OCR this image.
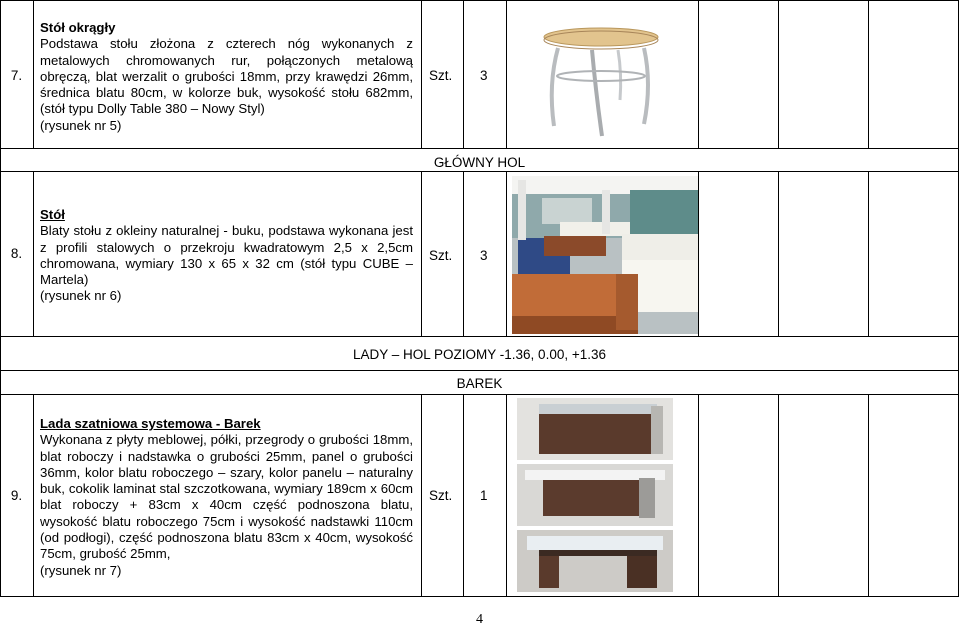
7.
Stół okrągły

Podstawa stołu złożona z czterech nóg wykonanych z metalowych chromowanych rur, połączonych metalową obręczą, blat werzalit o grubości 18mm, przy krawędzi 26mm, średnica blatu 80cm, w kolorze buk, wysokość stołu 682mm, (stół typu Dolly Table 380 – Nowy Styl)

(rysunek nr 5)

Szt. 3
GŁÓWNY HOL
8.
Stół

Blaty stołu z okleiny naturalnej - buku, podstawa wykonana jest z profili stalowych o przekroju kwadratowym 2,5 x 2,5cm chromowana, wymiary 130 x 65 x 32 cm (stół typu CUBE – Martela)

(rysunek nr 6)

Szt. 3
LADY – HOL POZIOMY -1.36, 0.00, +1.36
BAREK
9.
Lada szatniowa systemowa - Barek

Wykonana z płyty meblowej, półki, przegrody o grubości 18mm, blat roboczy i nadstawka o grubości 25mm, panel o grubości 36mm, kolor blatu roboczego – szary, kolor panelu – naturalny buk, cokolik laminat stal szczotkowana, wymiary 189cm x 60cm blat roboczy + 83cm x 40cm część podnoszona blatu, wysokość blatu roboczego 75cm i wysokość nadstawki 110cm (od podłogi), część podnoszona blatu 83cm x 40cm, wysokość 75cm, grubość 25mm,

(rysunek nr 7)

Szt. 1
4
